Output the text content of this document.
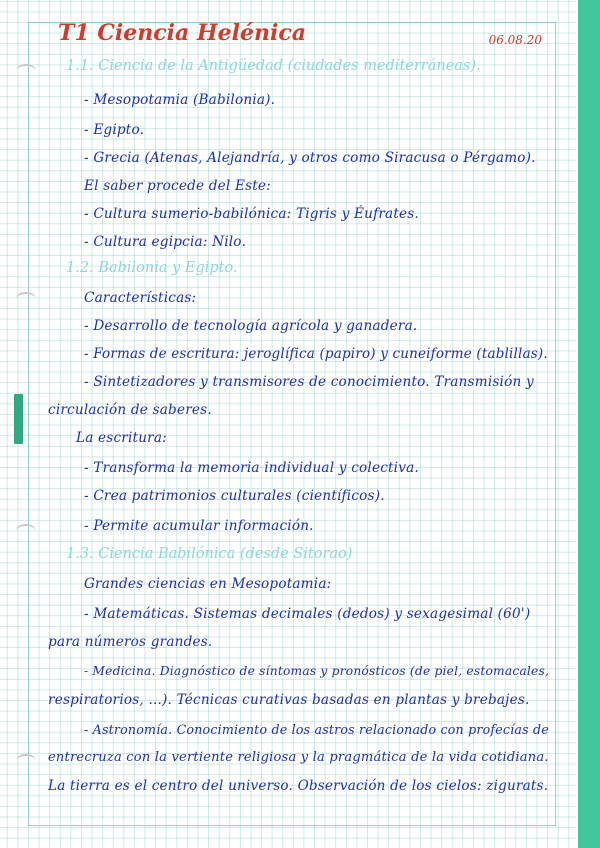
T1 Ciencia Helénica	06.08.20
1.1. Ciencia de la Antigüedad (ciudades mediterráneas).
- Mesopotamia (Babilonia).
- Egipto.
- Grecia (Atenas, Alejandría, y otros como Siracusa o Pérgamo).
El saber procede del Este:
- Cultura sumerio-babilónica: Tigris y Éufrates.
- Cultura egipcia: Nilo.
1.2. Babilonia y Egipto.
Características:
- Desarrollo de tecnología agrícola y ganadera.
- Formas de escritura: jeroglífica (papiro) y cuneiforme (tablillas).
- Sintetizadores y transmisores de conocimiento. Transmisión y
circulación de saberes.
La escritura:
- Transforma la memoria individual y colectiva.
- Crea patrimonios culturales (científicos).
- Permite acumular información.
1.3. Ciencia Babilónica (desde Sitorao)
Grandes ciencias en Mesopotamia:
- Matemáticas. Sistemas decimales (dedos) y sexagesimal (60')
para números grandes.
- Medicina. Diagnóstico de síntomas y pronósticos (de piel, estomacales,
respiratorios, ...). Técnicas curativas basadas en plantas y brebajes.
- Astronomía. Conocimiento de los astros relacionado con profecías de
entrecruza con la vertiente religiosa y la pragmática de la vida cotidiana.
La tierra es el centro del universo. Observación de los cielos: zigurats.
